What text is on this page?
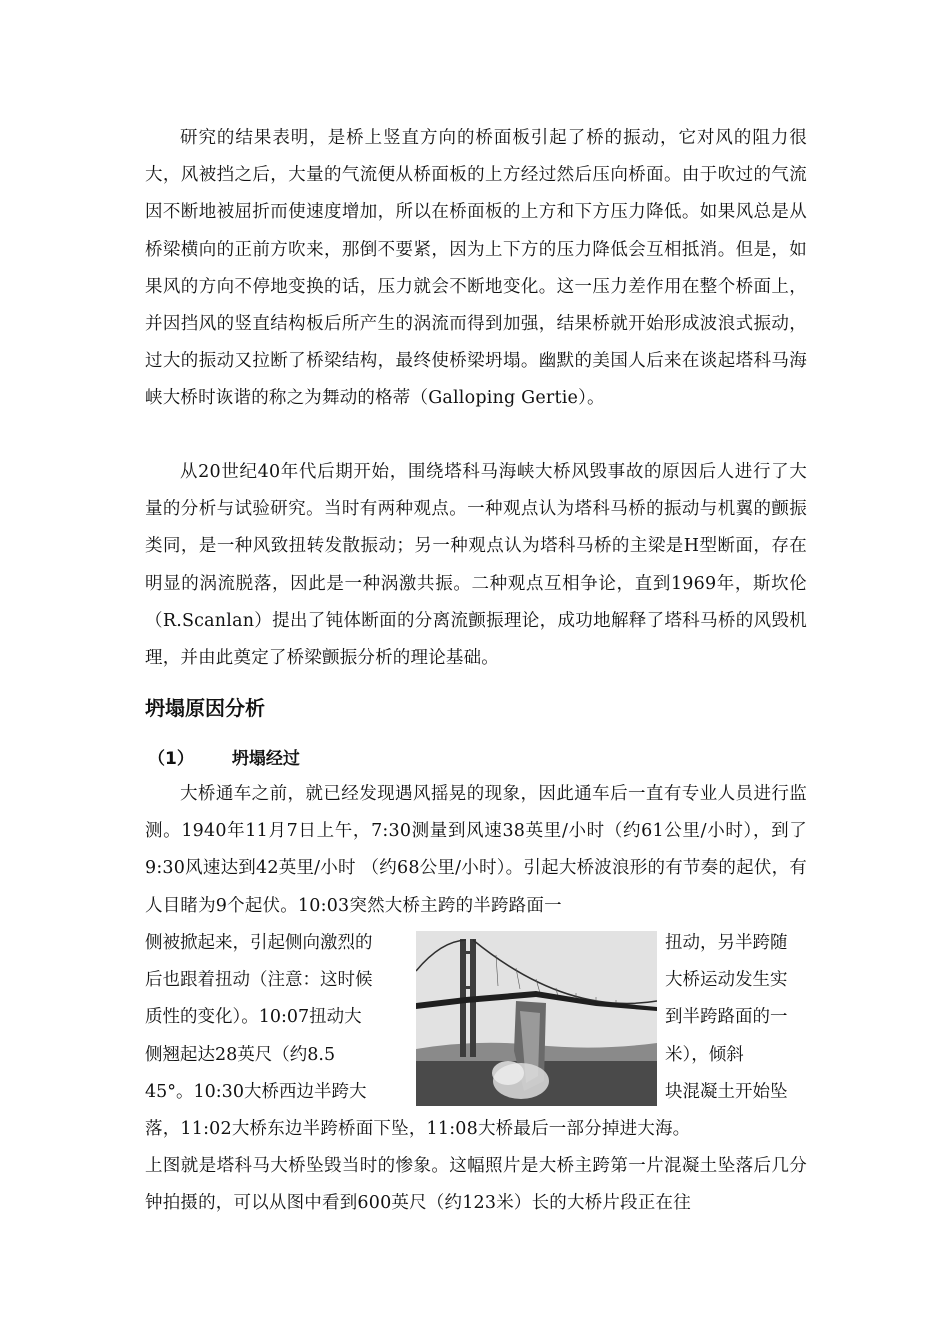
研究的结果表明，是桥上竖直方向的桥面板引起了桥的振动，它对风的阻力很大，风被挡之后，大量的气流便从桥面板的上方经过然后压向桥面。由于吹过的气流因不断地被屈折而使速度增加，所以在桥面板的上方和下方压力降低。如果风总是从桥梁横向的正前方吹来，那倒不要紧，因为上下方的压力降低会互相抵消。但是，如果风的方向不停地变换的话，压力就会不断地变化。这一压力差作用在整个桥面上，并因挡风的竖直结构板后所产生的涡流而得到加强，结果桥就开始形成波浪式振动，过大的振动又拉断了桥梁结构，最终使桥梁坍塌。幽默的美国人后来在谈起塔科马海峡大桥时诙谐的称之为舞动的格蒂（Galloping Gertie）。

从20世纪40年代后期开始，围绕塔科马海峡大桥风毁事故的原因后人进行了大量的分析与试验研究。当时有两种观点。一种观点认为塔科马桥的振动与机翼的颤振类同，是一种风致扭转发散振动；另一种观点认为塔科马桥的主梁是H型断面，存在明显的涡流脱落，因此是一种涡激共振。二种观点互相争论，直到1969年，斯坎伦（R.Scanlan）提出了钝体断面的分离流颤振理论，成功地解释了塔科马桥的风毁机理，并由此奠定了桥梁颤振分析的理论基础。

坍塌原因分析
（1） 坍塌经过

大桥通车之前，就已经发现遇风摇晃的现象，因此通车后一直有专业人员进行监测。1940年11月7日上午，7:30测量到风速38英里/小时（约61公里/小时），到了9:30风速达到42英里/小时 （约68公里/小时）。引起大桥波浪形的有节奏的起伏，有人目睹为9个起伏。10:03突然大桥主跨的半跨路面一

侧被掀起来，引起侧向激烈的
后也跟着扭动（注意：这时候
质性的变化）。10:07扭动大
侧翘起达28英尺（约8.5
45°。10:30大桥西边半跨大
扭动，另半跨随
大桥运动发生实
到半跨路面的一
米），倾斜
块混凝土开始坠

落，11:02大桥东边半跨桥面下坠，11:08大桥最后一部分掉进大海。

上图就是塔科马大桥坠毁当时的惨象。这幅照片是大桥主跨第一片混凝土坠落后几分钟拍摄的，可以从图中看到600英尺（约123米）长的大桥片段正在往
